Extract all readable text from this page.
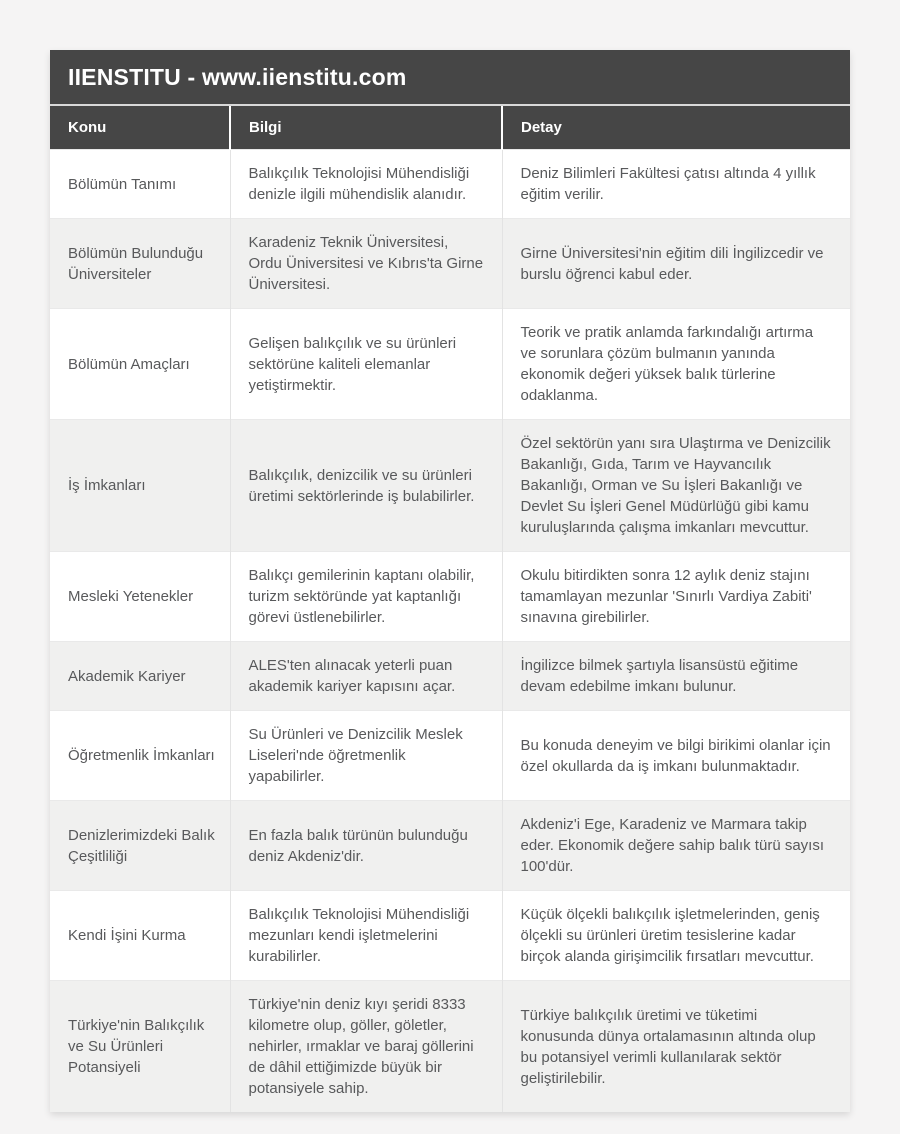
IIENSTITU - www.iienstitu.com
Konu	Bilgi	Detay
Bölümün Tanımı	Balıkçılık Teknolojisi Mühendisliği denizle ilgili mühendislik alanıdır.	Deniz Bilimleri Fakültesi çatısı altında 4 yıllık eğitim verilir.
Bölümün Bulunduğu Üniversiteler	Karadeniz Teknik Üniversitesi, Ordu Üniversitesi ve Kıbrıs'ta Girne Üniversitesi.	Girne Üniversitesi'nin eğitim dili İngilizcedir ve burslu öğrenci kabul eder.
Bölümün Amaçları	Gelişen balıkçılık ve su ürünleri sektörüne kaliteli elemanlar yetiştirmektir.	Teorik ve pratik anlamda farkındalığı artırma ve sorunlara çözüm bulmanın yanında ekonomik değeri yüksek balık türlerine odaklanma.
İş İmkanları	Balıkçılık, denizcilik ve su ürünleri üretimi sektörlerinde iş bulabilirler.	Özel sektörün yanı sıra Ulaştırma ve Denizcilik Bakanlığı, Gıda, Tarım ve Hayvancılık Bakanlığı, Orman ve Su İşleri Bakanlığı ve Devlet Su İşleri Genel Müdürlüğü gibi kamu kuruluşlarında çalışma imkanları mevcuttur.
Mesleki Yetenekler	Balıkçı gemilerinin kaptanı olabilir, turizm sektöründe yat kaptanlığı görevi üstlenebilirler.	Okulu bitirdikten sonra 12 aylık deniz stajını tamamlayan mezunlar 'Sınırlı Vardiya Zabiti' sınavına girebilirler.
Akademik Kariyer	ALES'ten alınacak yeterli puan akademik kariyer kapısını açar.	İngilizce bilmek şartıyla lisansüstü eğitime devam edebilme imkanı bulunur.
Öğretmenlik İmkanları	Su Ürünleri ve Denizcilik Meslek Liseleri'nde öğretmenlik yapabilirler.	Bu konuda deneyim ve bilgi birikimi olanlar için özel okullarda da iş imkanı bulunmaktadır.
Denizlerimizdeki Balık Çeşitliliği	En fazla balık türünün bulunduğu deniz Akdeniz'dir.	Akdeniz'i Ege, Karadeniz ve Marmara takip eder. Ekonomik değere sahip balık türü sayısı 100'dür.
Kendi İşini Kurma	Balıkçılık Teknolojisi Mühendisliği mezunları kendi işletmelerini kurabilirler.	Küçük ölçekli balıkçılık işletmelerinden, geniş ölçekli su ürünleri üretim tesislerine kadar birçok alanda girişimcilik fırsatları mevcuttur.
Türkiye'nin Balıkçılık ve Su Ürünleri Potansiyeli	Türkiye'nin deniz kıyı şeridi 8333 kilometre olup, göller, göletler, nehirler, ırmaklar ve baraj göllerini de dâhil ettiğimizde büyük bir potansiyele sahip.	Türkiye balıkçılık üretimi ve tüketimi konusunda dünya ortalamasının altında olup bu potansiyel verimli kullanılarak sektör geliştirilebilir.
